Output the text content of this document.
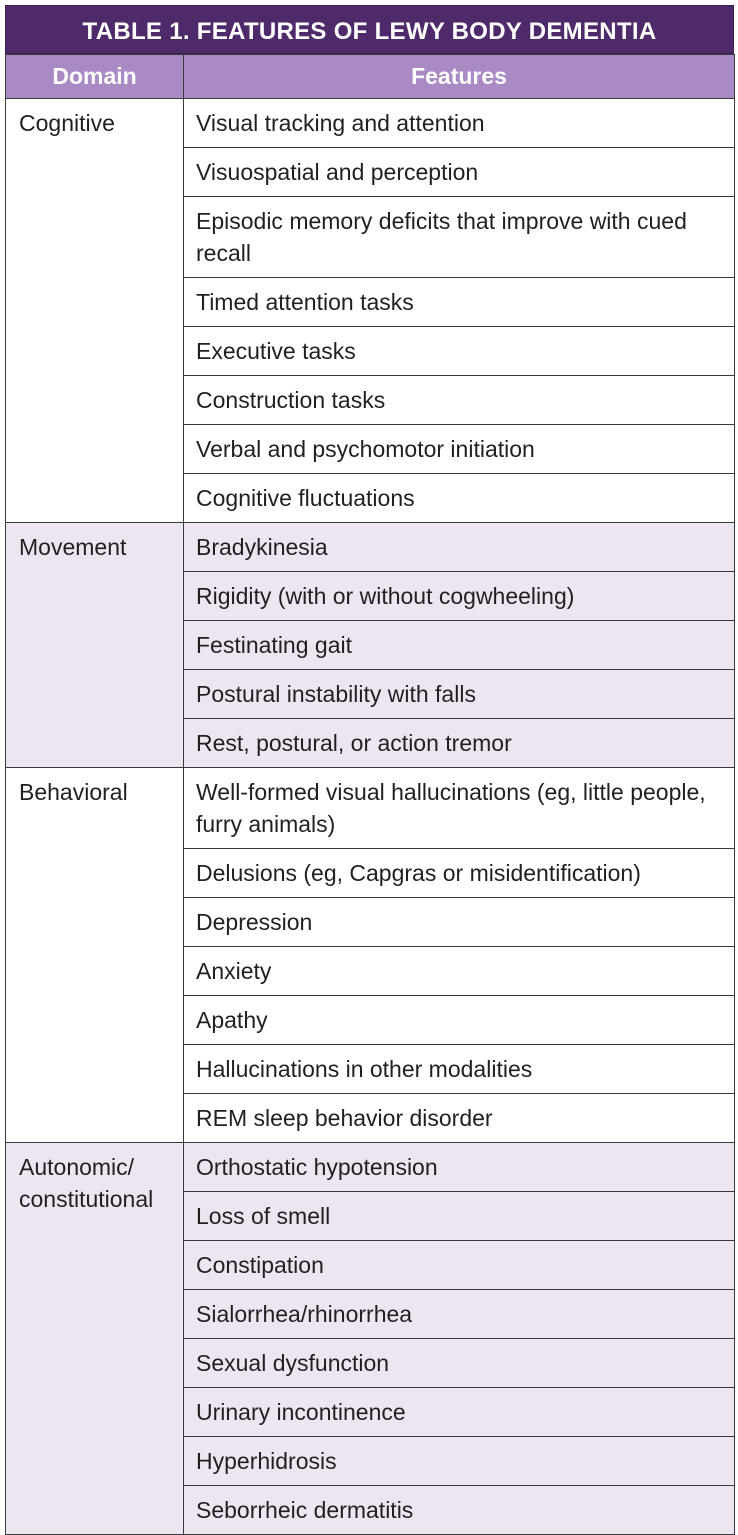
TABLE 1. FEATURES OF LEWY BODY DEMENTIA
Domain	Features
Cognitive	Visual tracking and attention
	Visuospatial and perception
	Episodic memory deficits that improve with cued recall
	Timed attention tasks
	Executive tasks
	Construction tasks
	Verbal and psychomotor initiation
	Cognitive fluctuations
Movement	Bradykinesia
	Rigidity (with or without cogwheeling)
	Festinating gait
	Postural instability with falls
	Rest, postural, or action tremor
Behavioral	Well-formed visual hallucinations (eg, little people, furry animals)
	Delusions (eg, Capgras or misidentification)
	Depression
	Anxiety
	Apathy
	Hallucinations in other modalities
	REM sleep behavior disorder
Autonomic/ constitutional	Orthostatic hypotension
	Loss of smell
	Constipation
	Sialorrhea/rhinorrhea
	Sexual dysfunction
	Urinary incontinence
	Hyperhidrosis
	Seborrheic dermatitis
